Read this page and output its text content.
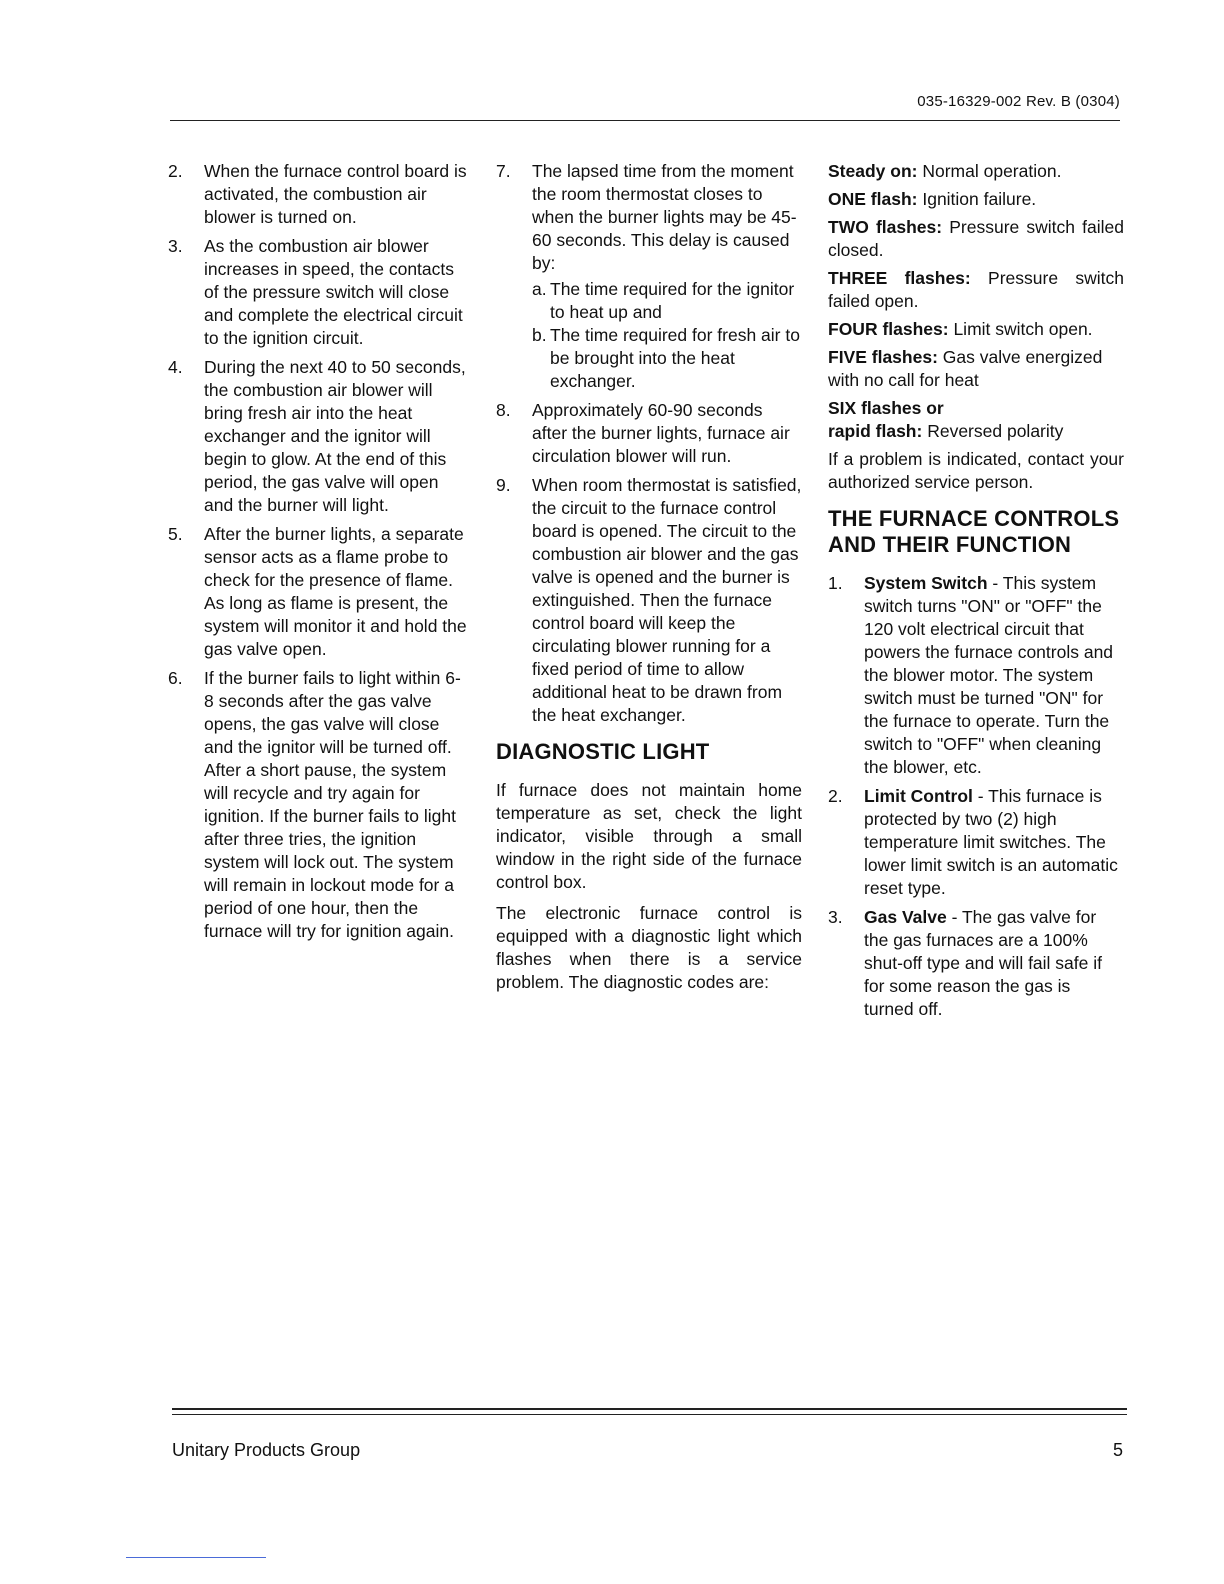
035-16329-002 Rev. B (0304)
2. When the furnace control board is activated, the combustion air blower is turned on.
3. As the combustion air blower increases in speed, the contacts of the pressure switch will close and complete the electrical circuit to the ignition circuit.
4. During the next 40 to 50 seconds, the combustion air blower will bring fresh air into the heat exchanger and the ignitor will begin to glow. At the end of this period, the gas valve will open and the burner will light.
5. After the burner lights, a separate sensor acts as a flame probe to check for the presence of flame. As long as flame is present, the system will monitor it and hold the gas valve open.
6. If the burner fails to light within 6-8 seconds after the gas valve opens, the gas valve will close and the ignitor will be turned off. After a short pause, the system will recycle and try again for ignition. If the burner fails to light after three tries, the ignition system will lock out. The system will remain in lockout mode for a period of one hour, then the furnace will try for ignition again.
7. The lapsed time from the moment the room thermostat closes to when the burner lights may be 45-60 seconds. This delay is caused by:
a. The time required for the ignitor to heat up and
b. The time required for fresh air to be brought into the heat exchanger.
8. Approximately 60-90 seconds after the burner lights, furnace air circulation blower will run.
9. When room thermostat is satisfied, the circuit to the furnace control board is opened. The circuit to the combustion air blower and the gas valve is opened and the burner is extinguished. Then the furnace control board will keep the circulating blower running for a fixed period of time to allow additional heat to be drawn from the heat exchanger.
DIAGNOSTIC LIGHT

If furnace does not maintain home temperature as set, check the light indicator, visible through a small window in the right side of the furnace control box.

The electronic furnace control is equipped with a diagnostic light which flashes when there is a service problem. The diagnostic codes are:

Steady on: Normal operation.
ONE flash: Ignition failure.
TWO flashes: Pressure switch failed closed.
THREE flashes: Pressure switch failed open.
FOUR flashes: Limit switch open.
FIVE flashes: Gas valve energized with no call for heat
SIX flashes or
rapid flash: Reversed polarity

If a problem is indicated, contact your authorized service person.

THE FURNACE CONTROLS AND THEIR FUNCTION
1. System Switch - This system switch turns "ON" or "OFF" the 120 volt electrical circuit that powers the furnace controls and the blower motor. The system switch must be turned "ON" for the furnace to operate. Turn the switch to "OFF" when cleaning the blower, etc.
2. Limit Control - This furnace is protected by two (2) high temperature limit switches. The lower limit switch is an automatic reset type.
3. Gas Valve - The gas valve for the gas furnaces are a 100% shut-off type and will fail safe if for some reason the gas is turned off.
Unitary Products Group	5
